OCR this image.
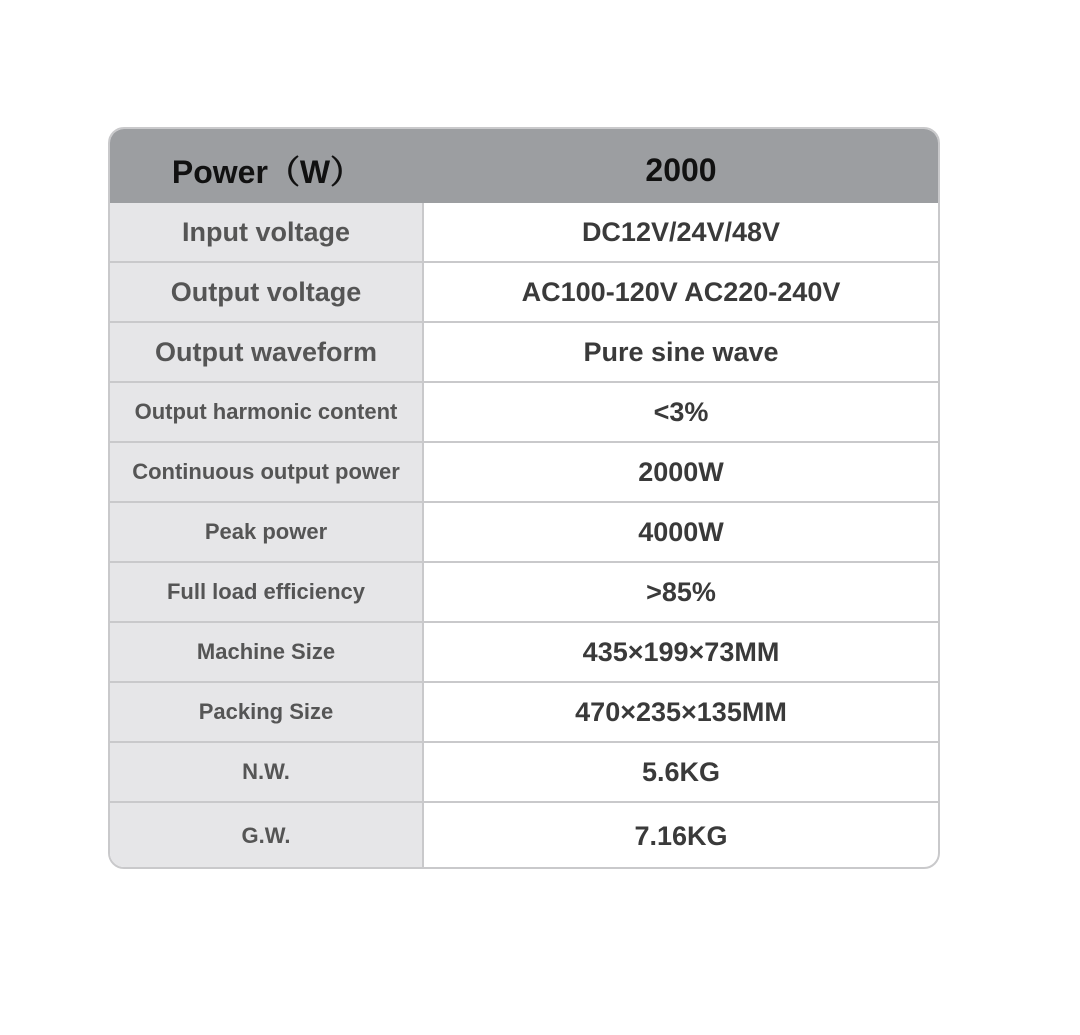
Power（W）	2000
Input voltage	DC12V/24V/48V
Output voltage	AC100-120V AC220-240V
Output waveform	Pure sine wave
Output harmonic content	<3%
Continuous output power	2000W
Peak power	4000W
Full load efficiency	>85%
Machine Size	435×199×73MM
Packing Size	470×235×135MM
N.W.	5.6KG
G.W.	7.16KG
